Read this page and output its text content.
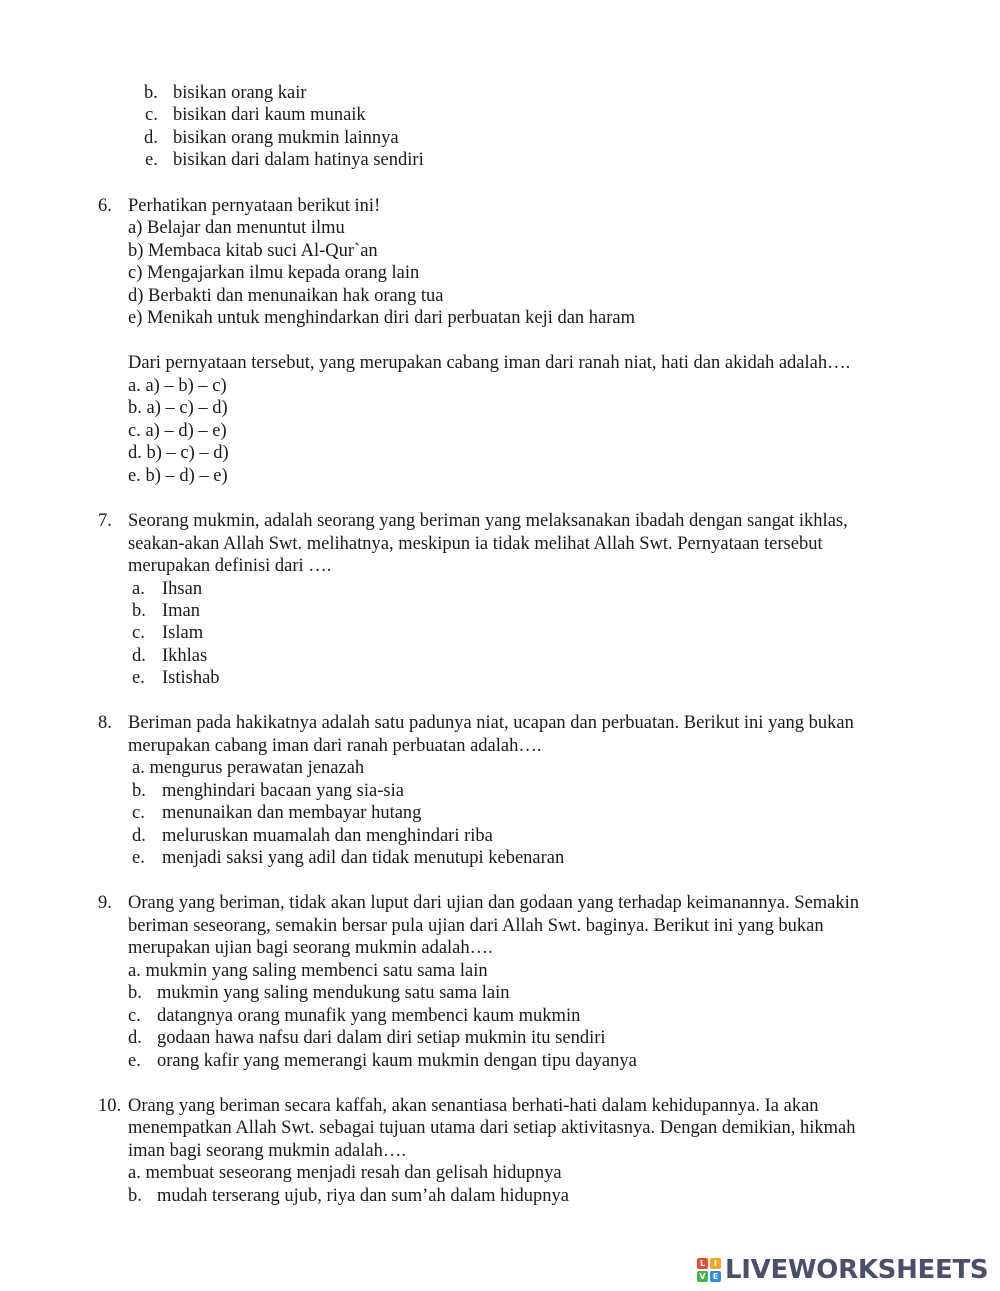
b. bisikan orang kair
c. bisikan dari kaum munaik
d. bisikan orang mukmin lainnya
e. bisikan dari dalam hatinya sendiri
6. Perhatikan pernyataan berikut ini!
a) Belajar dan menuntut ilmu
b) Membaca kitab suci Al-Qur`an
c) Mengajarkan ilmu kepada orang lain
d) Berbakti dan menunaikan hak orang tua
e) Menikah untuk menghindarkan diri dari perbuatan keji dan haram
Dari pernyataan tersebut, yang merupakan cabang iman dari ranah niat, hati dan akidah adalah….
a. a) – b) – c)
b. a) – c) – d)
c. a) – d) – e)
d. b) – c) – d)
e. b) – d) – e)
7. Seorang mukmin, adalah seorang yang beriman yang melaksanakan ibadah dengan sangat ikhlas,
seakan-akan Allah Swt. melihatnya, meskipun ia tidak melihat Allah Swt. Pernyataan tersebut
merupakan definisi dari ….
a. Ihsan
b. Iman
c. Islam
d. Ikhlas
e. Istishab
8. Beriman pada hakikatnya adalah satu padunya niat, ucapan dan perbuatan. Berikut ini yang bukan
merupakan cabang iman dari ranah perbuatan adalah….
a. mengurus perawatan jenazah
b. menghindari bacaan yang sia-sia
c. menunaikan dan membayar hutang
d. meluruskan muamalah dan menghindari riba
e. menjadi saksi yang adil dan tidak menutupi kebenaran
9. Orang yang beriman, tidak akan luput dari ujian dan godaan yang terhadap keimanannya. Semakin
beriman seseorang, semakin bersar pula ujian dari Allah Swt. baginya. Berikut ini yang bukan
merupakan ujian bagi seorang mukmin adalah….
a. mukmin yang saling membenci satu sama lain
b. mukmin yang saling mendukung satu sama lain
c. datangnya orang munafik yang membenci kaum mukmin
d. godaan hawa nafsu dari dalam diri setiap mukmin itu sendiri
e. orang kafir yang memerangi kaum mukmin dengan tipu dayanya
10. Orang yang beriman secara kaffah, akan senantiasa berhati-hati dalam kehidupannya. Ia akan
menempatkan Allah Swt. sebagai tujuan utama dari setiap aktivitasnya. Dengan demikian, hikmah
iman bagi seorang mukmin adalah….
a. membuat seseorang menjadi resah dan gelisah hidupnya
b. mudah terserang ujub, riya dan sum’ah dalam hidupnya
L	I
V E LIVEWORKSHEETS
